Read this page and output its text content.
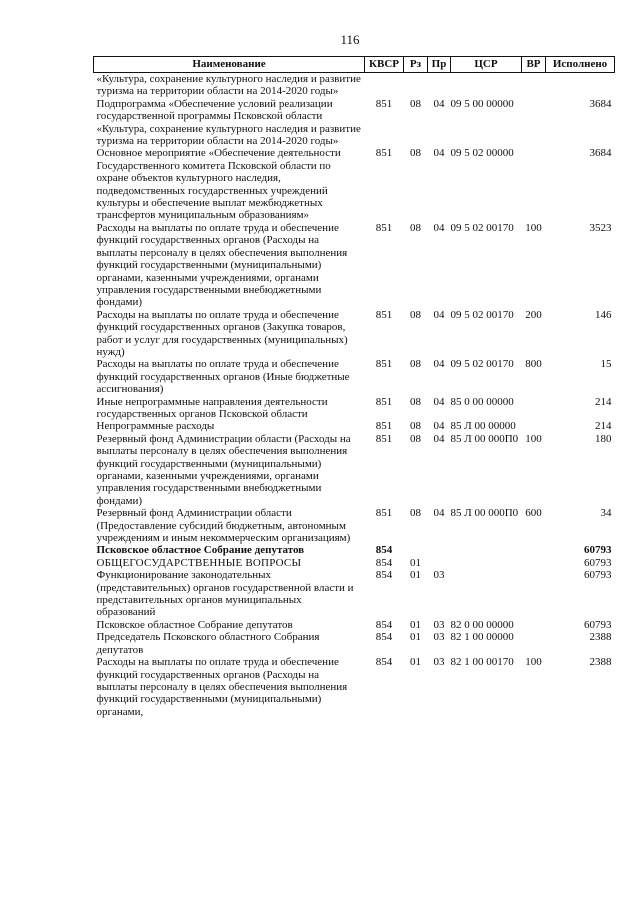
116
Наименование	КВСР	Рз	Пр	ЦСР	ВР	Исполнено
«Культура, сохранение культурного наследия и развитие туризма на территории области на 2014-2020 годы»						
Подпрограмма «Обеспечение условий реализации государственной программы Псковской области «Культура, сохранение культурного наследия и развитие туризма на территории области на 2014-2020 годы»	851	08	04	09 5 00 00000		3684
Основное мероприятие «Обеспечение деятельности Государственного комитета Псковской области по охране объектов культурного наследия, подведомственных государственных учреждений культуры и обеспечение выплат межбюджетных трансфертов муниципальным образованиям»	851	08	04	09 5 02 00000		3684
Расходы на выплаты по оплате труда и обеспечение функций государственных органов (Расходы на выплаты персоналу в целях обеспечения выполнения функций государственными (муниципальными) органами, казенными учреждениями, органами управления государственными внебюджетными фондами)	851	08	04	09 5 02 00170	100	3523
Расходы на выплаты по оплате труда и обеспечение функций государственных органов (Закупка товаров, работ и услуг для государственных (муниципальных) нужд)	851	08	04	09 5 02 00170	200	146
Расходы на выплаты по оплате труда и обеспечение функций государственных органов (Иные бюджетные ассигнования)	851	08	04	09 5 02 00170	800	15
Иные непрограммные направления деятельности государственных органов Псковской области	851	08	04	85 0 00 00000		214
Непрограммные расходы	851	08	04	85 Л 00 00000		214
Резервный фонд Администрации области (Расходы на выплаты персоналу в целях обеспечения выполнения функций государственными (муниципальными) органами, казенными учреждениями, органами управления государственными внебюджетными фондами)	851	08	04	85 Л 00 000П0	100	180
Резервный фонд Администрации области (Предоставление субсидий бюджетным, автономным учреждениям и иным некоммерческим организациям)	851	08	04	85 Л 00 000П0	600	34
Псковское областное Собрание депутатов	854					60793
ОБЩЕГОСУДАРСТВЕННЫЕ ВОПРОСЫ	854	01				60793
Функционирование законодательных (представительных) органов государственной власти и представительных органов муниципальных образований	854	01	03			60793
Псковское областное Собрание депутатов	854	01	03	82 0 00 00000		60793
Председатель Псковского областного Собрания депутатов	854	01	03	82 1 00 00000		2388
Расходы на выплаты по оплате труда и обеспечение функций государственных органов (Расходы на выплаты персоналу в целях обеспечения выполнения функций государственными (муниципальными) органами,	854	01	03	82 1 00 00170	100	2388
